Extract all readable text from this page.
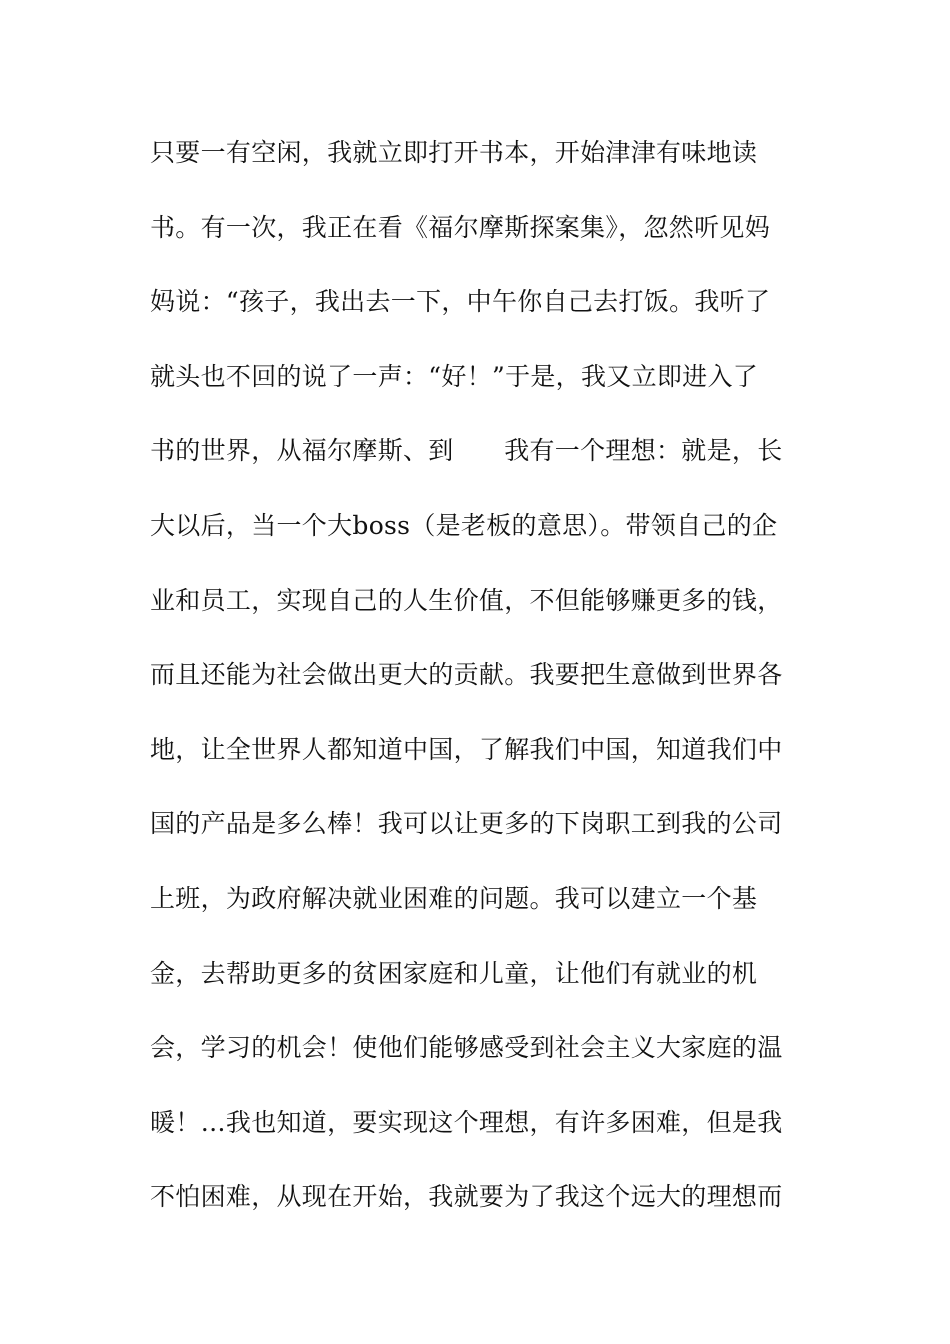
只要一有空闲，我就立即打开书本，开始津津有味地读
书。有一次，我正在看《福尔摩斯探案集》，忽然听见妈
妈说：“孩子，我出去一下，中午你自己去打饭。我听了
就头也不回的说了一声：“好！”于是，我又立即进入了
书的世界，从福尔摩斯、到　　我有一个理想：就是，长
大以后，当一个大boss（是老板的意思）。带领自己的企
业和员工，实现自己的人生价值，不但能够赚更多的钱，
而且还能为社会做出更大的贡献。我要把生意做到世界各
地，让全世界人都知道中国，了解我们中国，知道我们中
国的产品是多么棒！我可以让更多的下岗职工到我的公司
上班，为政府解决就业困难的问题。我可以建立一个基
金，去帮助更多的贫困家庭和儿童，让他们有就业的机
会，学习的机会！使他们能够感受到社会主义大家庭的温
暖！…我也知道，要实现这个理想，有许多困难，但是我
不怕困难，从现在开始，我就要为了我这个远大的理想而
